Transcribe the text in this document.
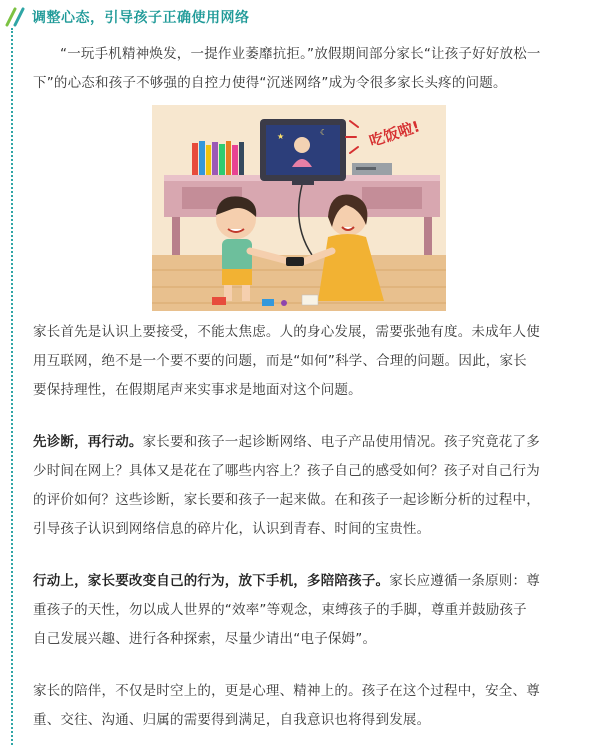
调整心态，引导孩子正确使用网络

“一玩手机精神焕发，一提作业萎靡抗拒。”放假期间部分家长“让孩子好好放松一
下”的心态和孩子不够强的自控力使得“沉迷网络”成为令很多家长头疼的问题。

★	☾	吃饭啦!

家长首先是认识上要接受，不能太焦虑。人的身心发展，需要张弛有度。未成年人使
用互联网，绝不是一个要不要的问题，而是“如何”科学、合理的问题。因此，家长
要保持理性，在假期尾声来实事求是地面对这个问题。

先诊断，再行动。家长要和孩子一起诊断网络、电子产品使用情况。孩子究竟花了多
少时间在网上？具体又是花在了哪些内容上？孩子自己的感受如何？孩子对自己行为
的评价如何？这些诊断，家长要和孩子一起来做。在和孩子一起诊断分析的过程中，
引导孩子认识到网络信息的碎片化，认识到青春、时间的宝贵性。

行动上，家长要改变自己的行为，放下手机，多陪陪孩子。家长应遵循一条原则：尊
重孩子的天性，勿以成人世界的“效率”等观念，束缚孩子的手脚，尊重并鼓励孩子
自己发展兴趣、进行各种探索，尽量少请出“电子保姆”。

家长的陪伴，不仅是时空上的，更是心理、精神上的。孩子在这个过程中，安全、尊
重、交往、沟通、归属的需要得到满足，自我意识也将得到发展。
